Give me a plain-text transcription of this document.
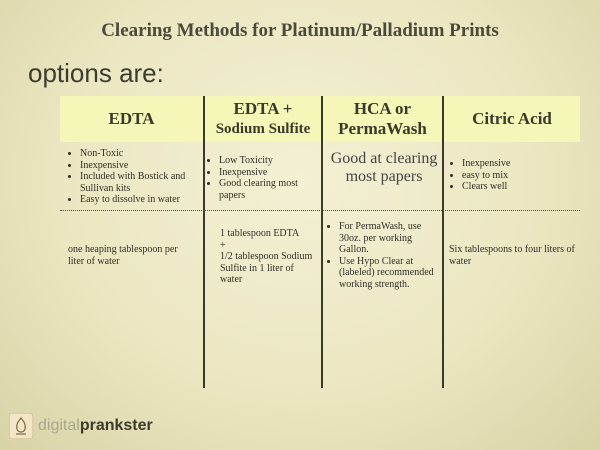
Clearing Methods for Platinum/Palladium Prints
options are:
EDTA
EDTA +
Sodium Sulfite
HCA or
PermaWash
Citric Acid
• Non-Toxic
• Inexpensive
• Included with Bostick and Sullivan kits
• Easy to dissolve in water
• Low Toxicity
• Inexpensive
• Good clearing most papers
Good at clearing most papers
• Inexpensive
• easy to mix
• Clears well
one heaping tablespoon per liter of water
1 tablespoon EDTA
+
1/2 tablespoon Sodium Sulfite in 1 liter of water
• For PermaWash, use 30oz. per working Gallon.
• Use Hypo Clear at (labeled) recommended working strength.
Six tablespoons to four liters of water
digitalprankster
